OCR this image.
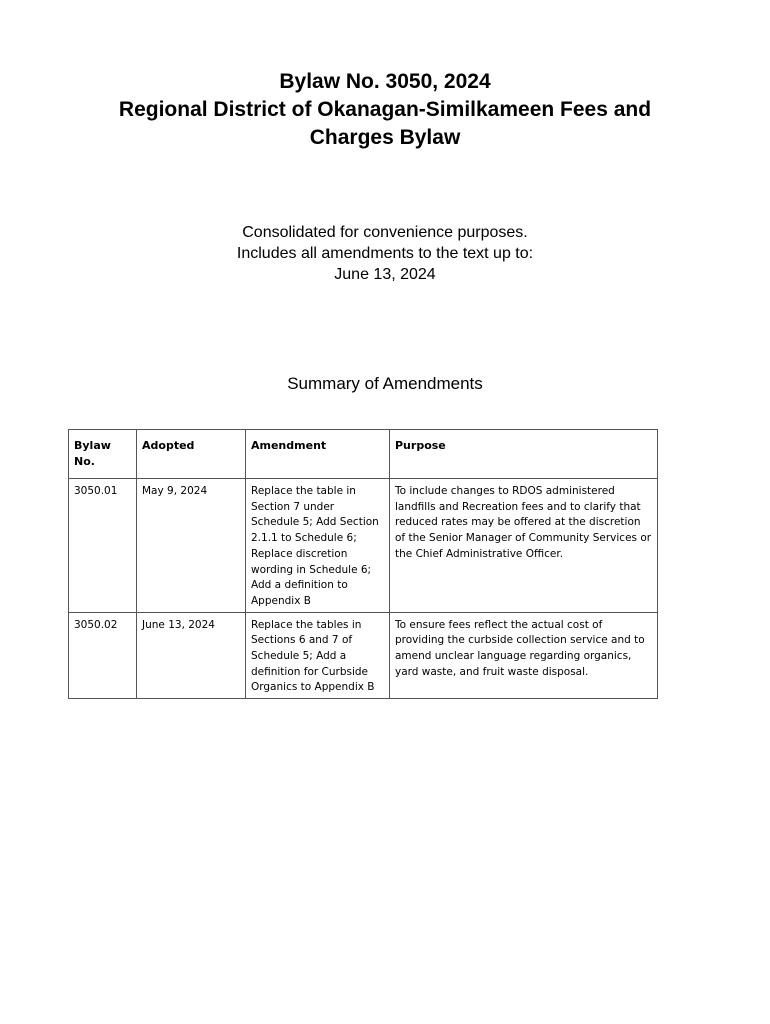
Bylaw No. 3050, 2024
Regional District of Okanagan-Similkameen Fees and
Charges Bylaw
Consolidated for convenience purposes.
Includes all amendments to the text up to:
June 13, 2024
Summary of Amendments
Bylaw No.	Adopted	Amendment	Purpose
3050.01	May 9, 2024	Replace the table in Section 7 under Schedule 5; Add Section 2.1.1 to Schedule 6; Replace discretion wording in Schedule 6; Add a definition to Appendix B	To include changes to RDOS administered landfills and Recreation fees and to clarify that reduced rates may be offered at the discretion of the Senior Manager of Community Services or the Chief Administrative Officer.
3050.02	June 13, 2024	Replace the tables in Sections 6 and 7 of Schedule 5; Add a definition for Curbside Organics to Appendix B	To ensure fees reflect the actual cost of providing the curbside collection service and to amend unclear language regarding organics, yard waste, and fruit waste disposal.
